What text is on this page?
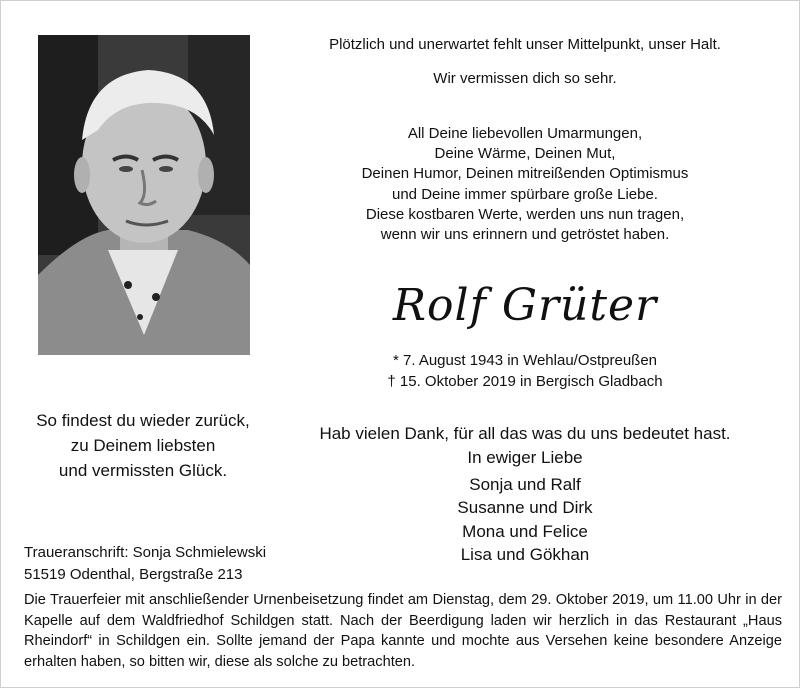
Plötzlich und unerwartet fehlt unser Mittelpunkt, unser Halt.
Wir vermissen dich so sehr.
All Deine liebevollen Umarmungen,
Deine Wärme, Deinen Mut,
Deinen Humor, Deinen mitreißenden Optimismus
und Deine immer spürbare große Liebe.
Diese kostbaren Werte, werden uns nun tragen,
wenn wir uns erinnern und getröstet haben.
Rolf Grüter
* 7. August 1943 in Wehlau/Ostpreußen
† 15. Oktober 2019 in Bergisch Gladbach
So findest du wieder zurück,
zu Deinem liebsten
und vermissten Glück.
Hab vielen Dank, für all das was du uns bedeutet hast.
In ewiger Liebe
Sonja und Ralf
Susanne und Dirk
Mona und Felice
Lisa und Gökhan
Traueranschrift: Sonja Schmielewski
51519 Odenthal, Bergstraße 213
Die Trauerfeier mit anschließender Urnenbeisetzung findet am Dienstag, dem 29. Oktober 2019, um 11.00 Uhr in der Kapelle auf dem Waldfriedhof Schildgen statt. Nach der Beerdigung laden wir herzlich in das Restaurant „Haus Rheindorf“ in Schildgen ein. Sollte jemand der Papa kannte und mochte aus Versehen keine besondere Anzeige erhalten haben, so bitten wir, diese als solche zu betrachten.
